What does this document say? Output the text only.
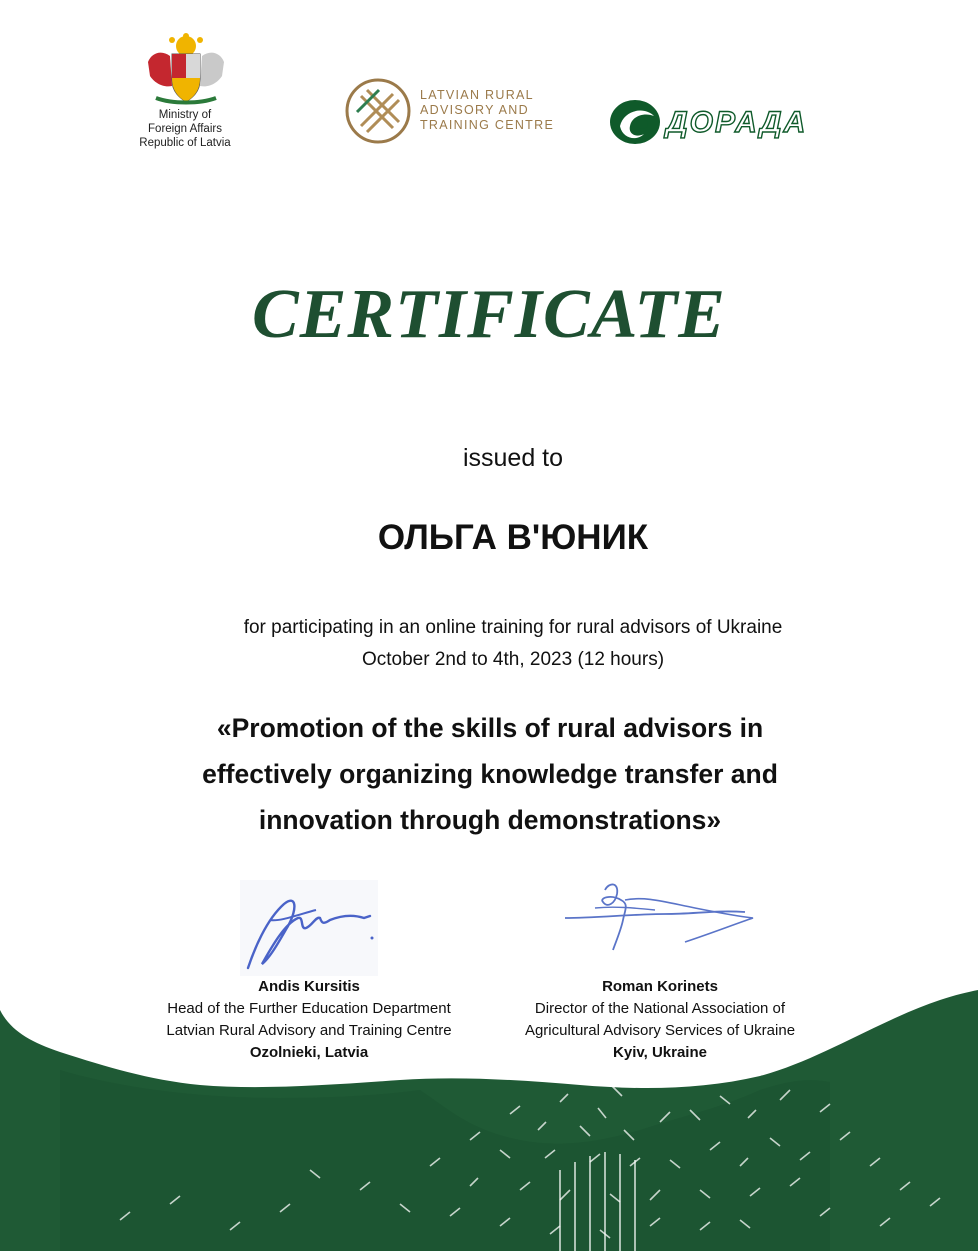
Ministry of
Foreign Affairs
Republic of Latvia
LATVIAN RURAL
ADVISORY AND
TRAINING CENTRE	ДОРАДА
CERTIFICATE
issued to
ОЛЬГА В'ЮНИК
for participating in an online training for rural advisors of Ukraine
October 2nd to 4th, 2023 (12 hours)
«Promotion of the skills of rural advisors in effectively organizing knowledge transfer and innovation through demonstrations»
Andis Kursitis
Head of the Further Education Department
Latvian Rural Advisory and Training Centre
Ozolnieki, Latvia
Roman Korinets
Director of the National Association of
Agricultural Advisory Services of Ukraine
Kyiv, Ukraine
